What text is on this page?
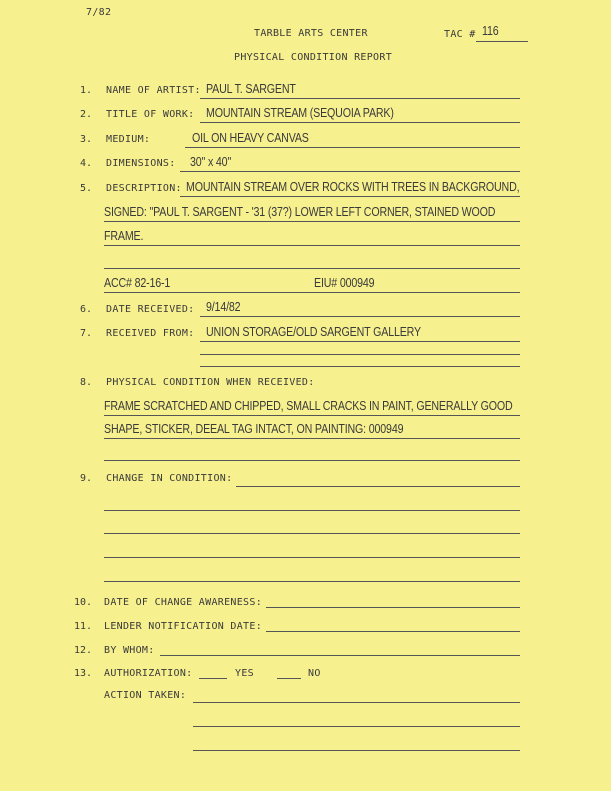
7/82
TARBLE ARTS CENTER	TAC # 116
PHYSICAL CONDITION REPORT
1. NAME OF ARTIST: PAUL T. SARGENT
2. TITLE OF WORK: MOUNTAIN STREAM (SEQUOIA PARK)
3. MEDIUM:	OIL ON HEAVY CANVAS
4. DIMENSIONS: 30" x 40"
5. DESCRIPTION: MOUNTAIN STREAM OVER ROCKS WITH TREES IN BACKGROUND,
SIGNED: "PAUL T. SARGENT - '31 (37?) LOWER LEFT CORNER, STAINED WOOD
FRAME.
ACC# 82-16-1	EIU# 000949
6. DATE RECEIVED: 9/14/82
7. RECEIVED FROM: UNION STORAGE/OLD SARGENT GALLERY
8. PHYSICAL CONDITION WHEN RECEIVED:
FRAME SCRATCHED AND CHIPPED, SMALL CRACKS IN PAINT, GENERALLY GOOD
SHAPE, STICKER, DEEAL TAG INTACT, ON PAINTING: 000949
9. CHANGE IN CONDITION:
10. DATE OF CHANGE AWARENESS:
11. LENDER NOTIFICATION DATE:
12. BY WHOM:
13. AUTHORIZATION:	YES	NO
ACTION TAKEN:
